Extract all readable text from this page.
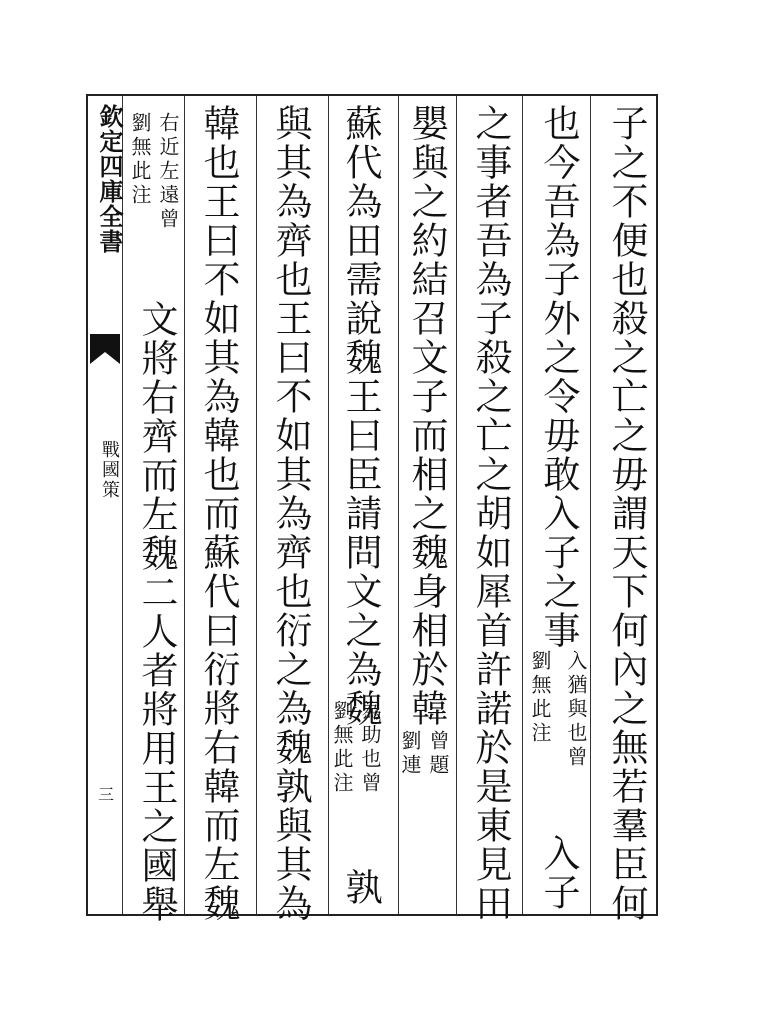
欽定四庫全書
戰國策
三	子之不便也殺之亡之毋謂天下何內之無若羣臣何
也今吾為子外之令毋敢入子之事
入猶與也曾
劉無此注
入子
之事者吾為子殺之亡之胡如犀首許諾於是東見田
嬰與之約結召文子而相之魏身相於韓
曾題
劉連
蘇代為田需說魏王曰臣請問文之為魏
為助也曾
劉無此注
孰
與其為齊也王曰不如其為齊也衍之為魏孰與其為
韓也王曰不如其為韓也而蘇代曰衍將右韓而左魏
右近左遠曾
劉無此注
文將右齊而左魏二人者將用王之國舉
